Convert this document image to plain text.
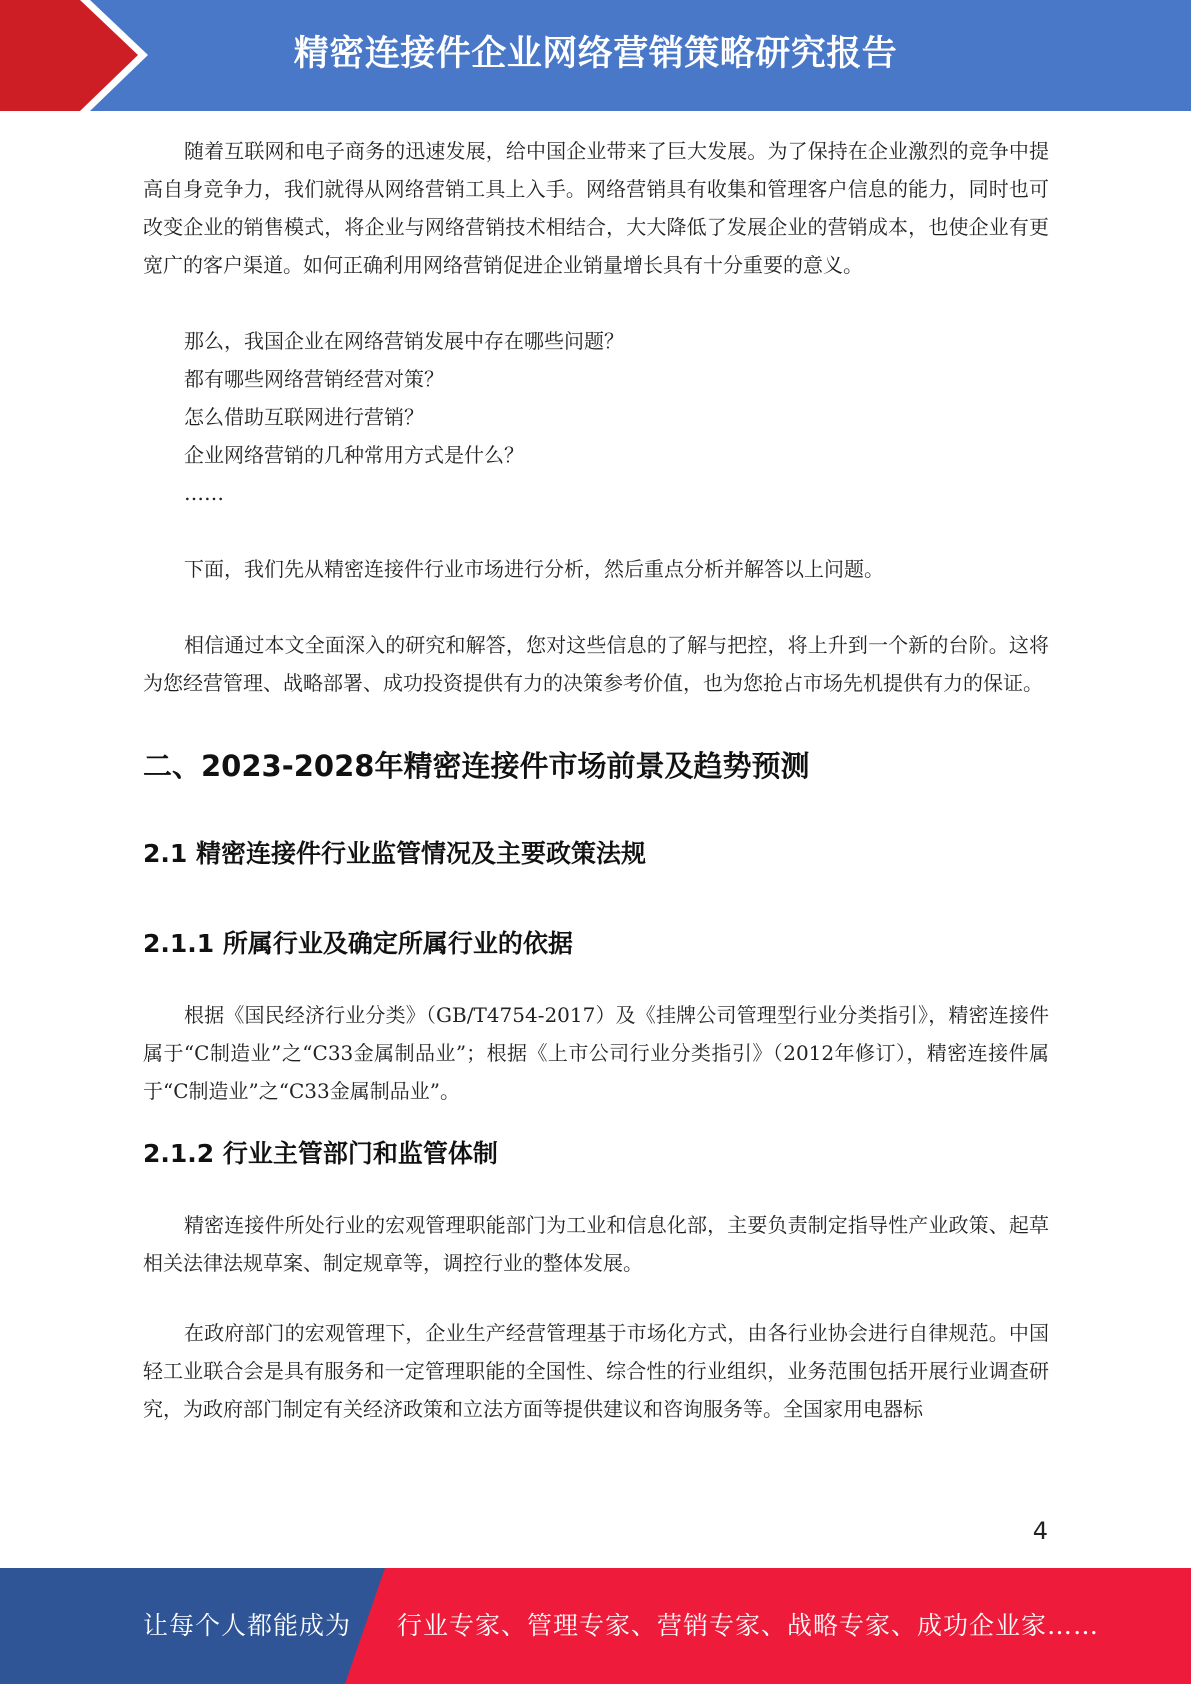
精密连接件企业网络营销策略研究报告

随着互联网和电子商务的迅速发展，给中国企业带来了巨大发展。为了保持在企业激烈的竞争中提高自身竞争力，我们就得从网络营销工具上入手。网络营销具有收集和管理客户信息的能力，同时也可改变企业的销售模式，将企业与网络营销技术相结合，大大降低了发展企业的营销成本，也使企业有更宽广的客户渠道。如何正确利用网络营销促进企业销量增长具有十分重要的意义。

那么，我国企业在网络营销发展中存在哪些问题？
都有哪些网络营销经营对策？
怎么借助互联网进行营销？
企业网络营销的几种常用方式是什么？
……

下面，我们先从精密连接件行业市场进行分析，然后重点分析并解答以上问题。

相信通过本文全面深入的研究和解答，您对这些信息的了解与把控，将上升到一个新的台阶。这将为您经营管理、战略部署、成功投资提供有力的决策参考价值，也为您抢占市场先机提供有力的保证。

二、2023-2028年精密连接件市场前景及趋势预测
2.1 精密连接件行业监管情况及主要政策法规
2.1.1 所属行业及确定所属行业的依据

根据《国民经济行业分类》（GB/T4754-2017）及《挂牌公司管理型行业分类指引》，精密连接件属于“C制造业”之“C33金属制品业”；根据《上市公司行业分类指引》（2012年修订），精密连接件属于“C制造业”之“C33金属制品业”。

2.1.2 行业主管部门和监管体制

精密连接件所处行业的宏观管理职能部门为工业和信息化部，主要负责制定指导性产业政策、起草相关法律法规草案、制定规章等，调控行业的整体发展。

在政府部门的宏观管理下，企业生产经营管理基于市场化方式，由各行业协会进行自律规范。中国轻工业联合会是具有服务和一定管理职能的全国性、综合性的行业组织，业务范围包括开展行业调查研究，为政府部门制定有关经济政策和立法方面等提供建议和咨询服务等。全国家用电器标

4
让每个人都能成为 行业专家、管理专家、营销专家、战略专家、成功企业家……
